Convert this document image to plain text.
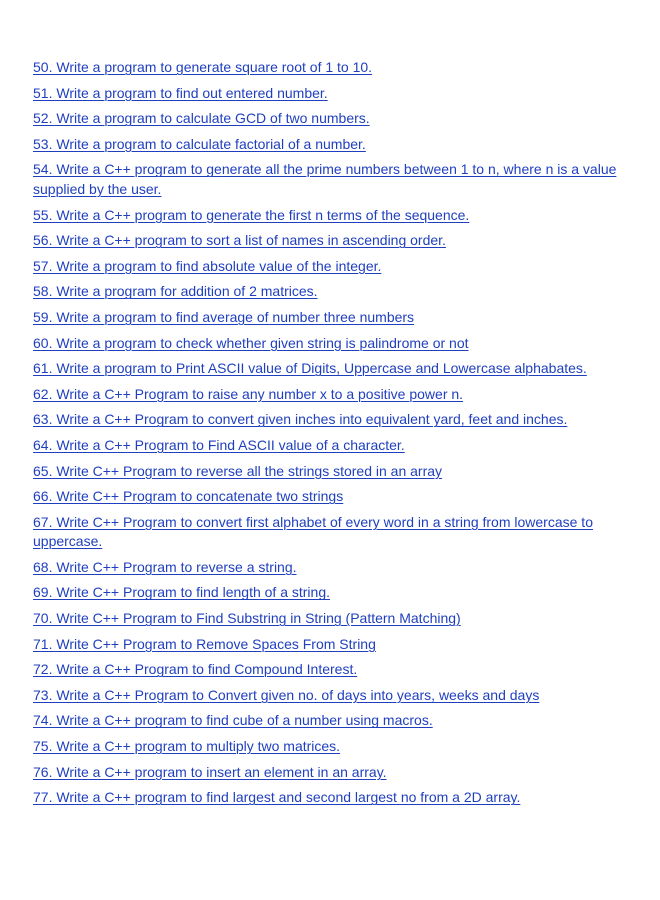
50. Write a program to generate square root of 1 to 10.
51. Write a program to find out entered number.
52. Write a program to calculate GCD of two numbers.
53. Write a program to calculate factorial of a number.
54. Write a C++ program to generate all the prime numbers between 1 to n, where n is a value supplied by the user.
55. Write a C++ program to generate the first n terms of the sequence.
56. Write a C++ program to sort a list of names in ascending order.
57. Write a program to find absolute value of the integer.
58. Write a program for addition of 2 matrices.
59. Write a program to find average of number three numbers
60. Write a program to check whether given string is palindrome or not
61. Write a program to Print ASCII value of Digits, Uppercase and Lowercase alphabates.
62. Write a C++ Program to raise any number x to a positive power n.
63. Write a C++ Program to convert given inches into equivalent yard, feet and inches.
64. Write a C++ Program to Find ASCII value of a character.
65. Write C++ Program to reverse all the strings stored in an array
66. Write C++ Program to concatenate two strings
67. Write C++ Program to convert first alphabet of every word in a string from lowercase to uppercase.
68. Write C++ Program to reverse a string.
69. Write C++ Program to find length of a string.
70. Write C++ Program to Find Substring in String (Pattern Matching)
71. Write C++ Program to Remove Spaces From String
72. Write a C++ Program to find Compound Interest.
73. Write a C++ Program to Convert given no. of days into years, weeks and days
74. Write a C++ program to find cube of a number using macros.
75. Write a C++ program to multiply two matrices.
76. Write a C++ program to insert an element in an array.
77. Write a C++ program to find largest and second largest no from a 2D array.
